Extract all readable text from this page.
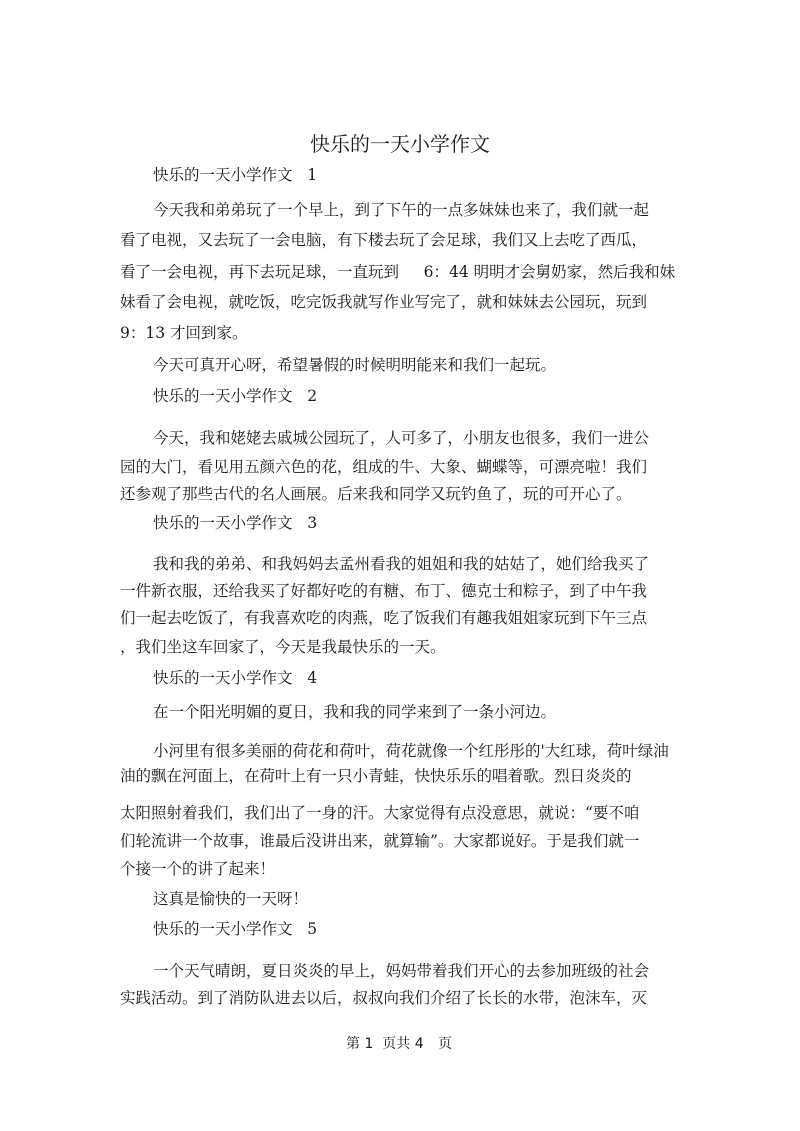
快乐的一天小学作文
快乐的一天小学作文   1
今天我和弟弟玩了一个早上，到了下午的一点多妹妹也来了，我们就一起
看了电视，又去玩了一会电脑，有下楼去玩了会足球，我们又上去吃了西瓜，
看了一会电视，再下去玩足球，一直玩到     6：44 明明才会舅奶家，然后我和妹
妹看了会电视，就吃饭，吃完饭我就写作业写完了，就和妹妹去公园玩，玩到
9：13 才回到家。
今天可真开心呀，希望暑假的时候明明能来和我们一起玩。
快乐的一天小学作文   2
今天，我和姥姥去戚城公园玩了，人可多了，小朋友也很多，我们一进公
园的大门，看见用五颜六色的花，组成的牛、大象、蝴蝶等，可漂亮啦！我们
还参观了那些古代的名人画展。后来我和同学又玩钓鱼了，玩的可开心了。
快乐的一天小学作文   3
我和我的弟弟、和我妈妈去孟州看我的姐姐和我的姑姑了，她们给我买了
一件新衣服，还给我买了好都好吃的有糖、布丁、德克士和粽子，到了中午我
们一起去吃饭了，有我喜欢吃的肉燕，吃了饭我们有趣我姐姐家玩到下午三点
，我们坐这车回家了，今天是我最快乐的一天。
快乐的一天小学作文   4
在一个阳光明媚的夏日，我和我的同学来到了一条小河边。
小河里有很多美丽的荷花和荷叶，荷花就像一个红彤彤的'大红球，荷叶绿油
油的飘在河面上，在荷叶上有一只小青蛙，快快乐乐的唱着歌。烈日炎炎的
太阳照射着我们，我们出了一身的汗。大家觉得有点没意思，就说：“要不咱
们轮流讲一个故事，谁最后没讲出来，就算输”。大家都说好。于是我们就一
个接一个的讲了起来！
这真是愉快的一天呀！
快乐的一天小学作文   5
一个天气晴朗，夏日炎炎的早上，妈妈带着我们开心的去参加班级的社会
实践活动。到了消防队进去以后，叔叔向我们介绍了长长的水带，泡沫车，灭
第 1  页共 4 页
